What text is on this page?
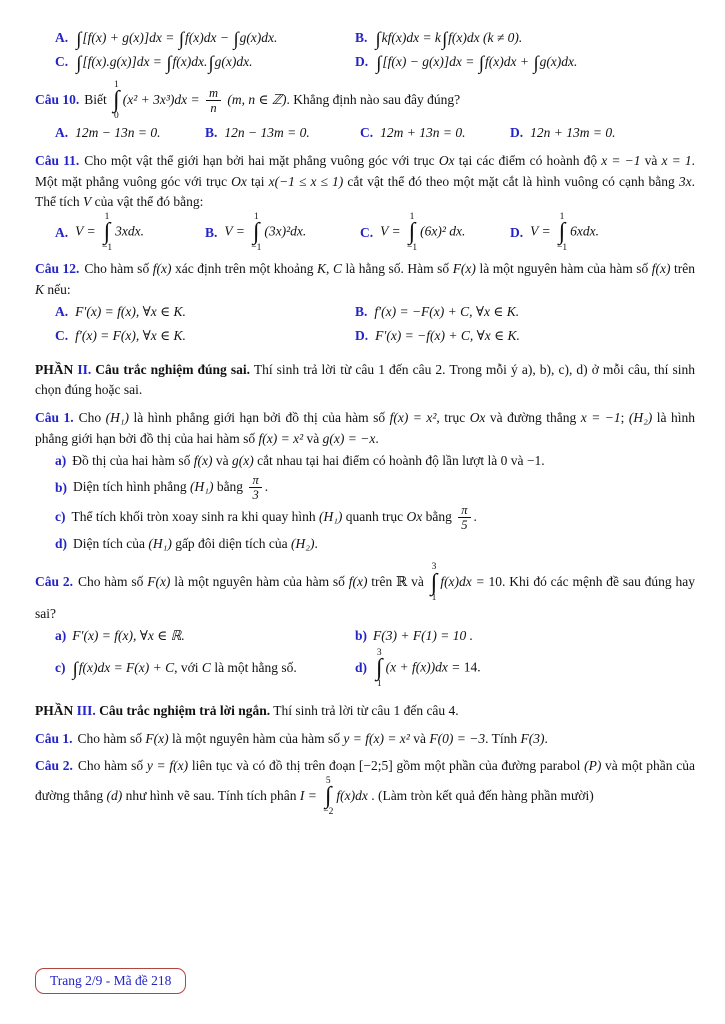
A. ∫[f(x) + g(x)]dx = ∫f(x)dx − ∫g(x)dx.	B. ∫kf(x)dx = k∫f(x)dx (k ≠ 0).
C. ∫[f(x).g(x)]dx = ∫f(x)dx.∫g(x)dx.	D. ∫[f(x) − g(x)]dx = ∫f(x)dx + ∫g(x)dx.
Câu 10. Biết
1
∫
0
$(x^2 + 3x^3)dx = \frac{m}{n} (m$, n ∈ ℤ). Khẳng định nào sau đây đúng?
A. 12m − 13n = 0.	B. 12n − 13m = 0.	C. 12m + 13n = 0.	D. 12n + 13m = 0.
Câu 11. Cho một vật thể giới hạn bởi hai mặt phẳng vuông góc với trục Ox tại các điểm có hoành độ x = −1 và x = 1. Một mặt phẳng vuông góc với trục Ox tại x(−1 ≤ x ≤ 1) cắt vật thể đó theo một mặt cắt là hình vuông có cạnh bằng 3x. Thể tích V của vật thể đó bằng:
A. V =
1
∫
−1
3xdx.	B. V =
1
∫
−1
(3x)²dx.	C. V =
1
∫
−1
(6x)² dx.	D. V =
1
∫
−1
6xdx.
Câu 12. Cho hàm số f(x) xác định trên một khoảng K, C là hằng số. Hàm số F(x) là một nguyên hàm của hàm số f(x) trên K nếu:
A. F′(x) = f(x), ∀x ∈ K.	B. f′(x) = −F(x) + C, ∀x ∈ K.
C. f′(x) = F(x), ∀x ∈ K.	D. F′(x) = −f(x) + C, ∀x ∈ K.
PHẦN II. Câu trắc nghiệm đúng sai. Thí sinh trả lời từ câu 1 đến câu 2. Trong mỗi ý a), b), c), d) ở mỗi câu, thí sinh chọn đúng hoặc sai.
Câu 1. Cho (H₁) là hình phẳng giới hạn bởi đồ thị của hàm số f(x) = x², trục Ox và đường thẳng x = −1; (H₂) là hình phẳng giới hạn bởi đồ thị của hai hàm số f(x) = x² và g(x) = −x.
a) Đồ thị của hai hàm số f(x) và g(x) cắt nhau tại hai điểm có hoành độ lần lượt là 0 và −1.
b) Diện tích hình phẳng (H₁) bằng $\frac{\pi}{3}$ .
c) Thể tích khối tròn xoay sinh ra khi quay hình (H₁) quanh trục Ox bằng $\frac{\pi}{5}$ .
d) Diện tích của (H₁) gấp đôi diện tích của (H₂).
Câu 2. Cho hàm số F(x) là một nguyên hàm của hàm số f(x) trên ℝ và
3
∫
1
f(x)dx = 10. Khi đó các mệnh đề sau đúng hay sai?
a) F′(x) = f(x), ∀x ∈ ℝ.	b) F(3) + F(1) = 10 .
c) ∫f(x)dx = F(x) + C, với C là một hằng số.	d)
3
∫
1
(x + f(x))dx = 14.
PHẦN III. Câu trắc nghiệm trả lời ngắn. Thí sinh trả lời từ câu 1 đến câu 4.
Câu 1. Cho hàm số F(x) là một nguyên hàm của hàm số y = f(x) = x² và F(0) = −3. Tính F(3).
Câu 2. Cho hàm số y = f(x) liên tục và có đồ thị trên đoạn [−2;5] gồm một phần của đường parabol (P) và một phần của đường thẳng (d) như hình vẽ sau. Tính tích phân I =
5
∫
−2
f(x)dx . (Làm tròn kết quả đến hàng phần mười)
Trang 2/9 - Mã đề 218
